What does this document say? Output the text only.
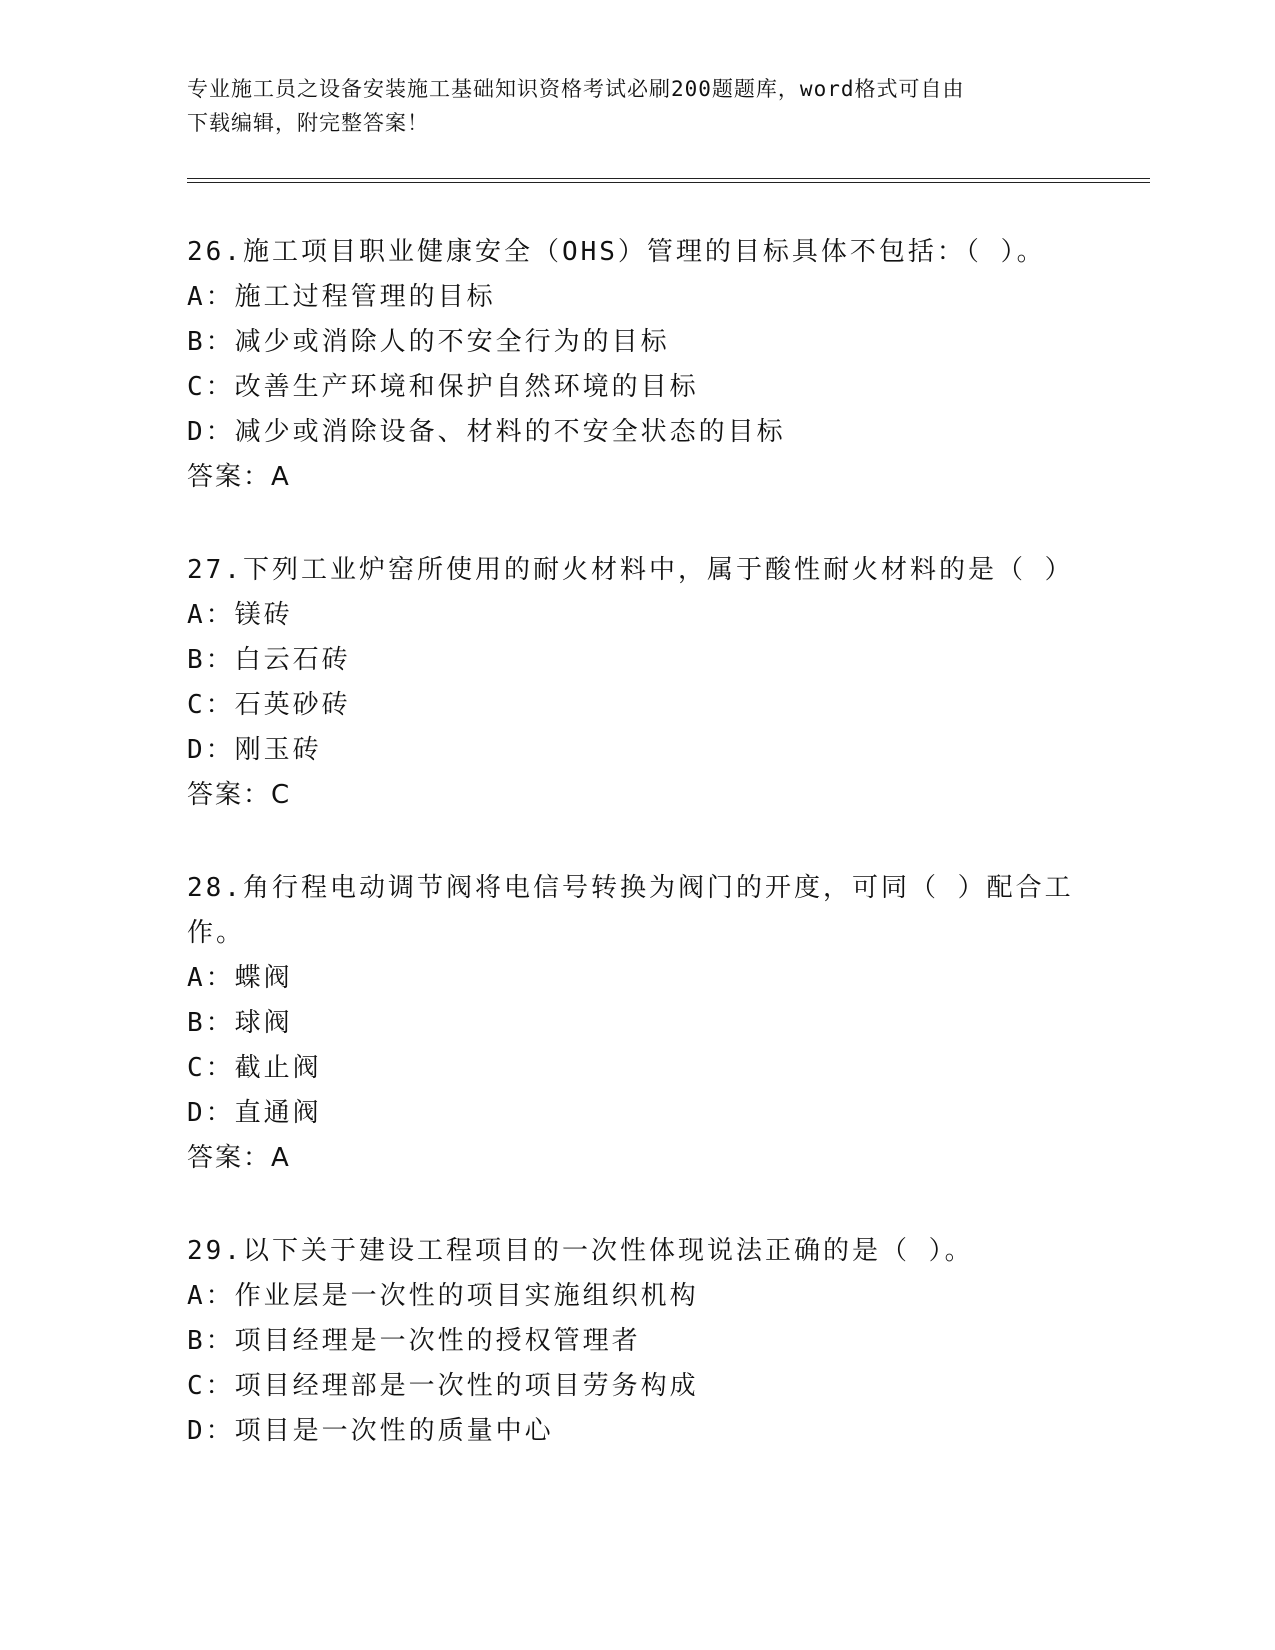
专业施工员之设备安装施工基础知识资格考试必刷200题题库，word格式可自由
下载编辑，附完整答案！

26.施工项目职业健康安全（OHS）管理的目标具体不包括：（ ）。

A：施工过程管理的目标

B：减少或消除人的不安全行为的目标

C：改善生产环境和保护自然环境的目标

D：减少或消除设备、材料的不安全状态的目标

答案：A

27.下列工业炉窑所使用的耐火材料中，属于酸性耐火材料的是（ ）

A：镁砖

B：白云石砖

C：石英砂砖

D：刚玉砖

答案：C

28.角行程电动调节阀将电信号转换为阀门的开度，可同（ ）配合工作。

A：蝶阀

B：球阀

C：截止阀

D：直通阀

答案：A

29.以下关于建设工程项目的一次性体现说法正确的是（ ）。

A：作业层是一次性的项目实施组织机构

B：项目经理是一次性的授权管理者

C：项目经理部是一次性的项目劳务构成

D：项目是一次性的质量中心
